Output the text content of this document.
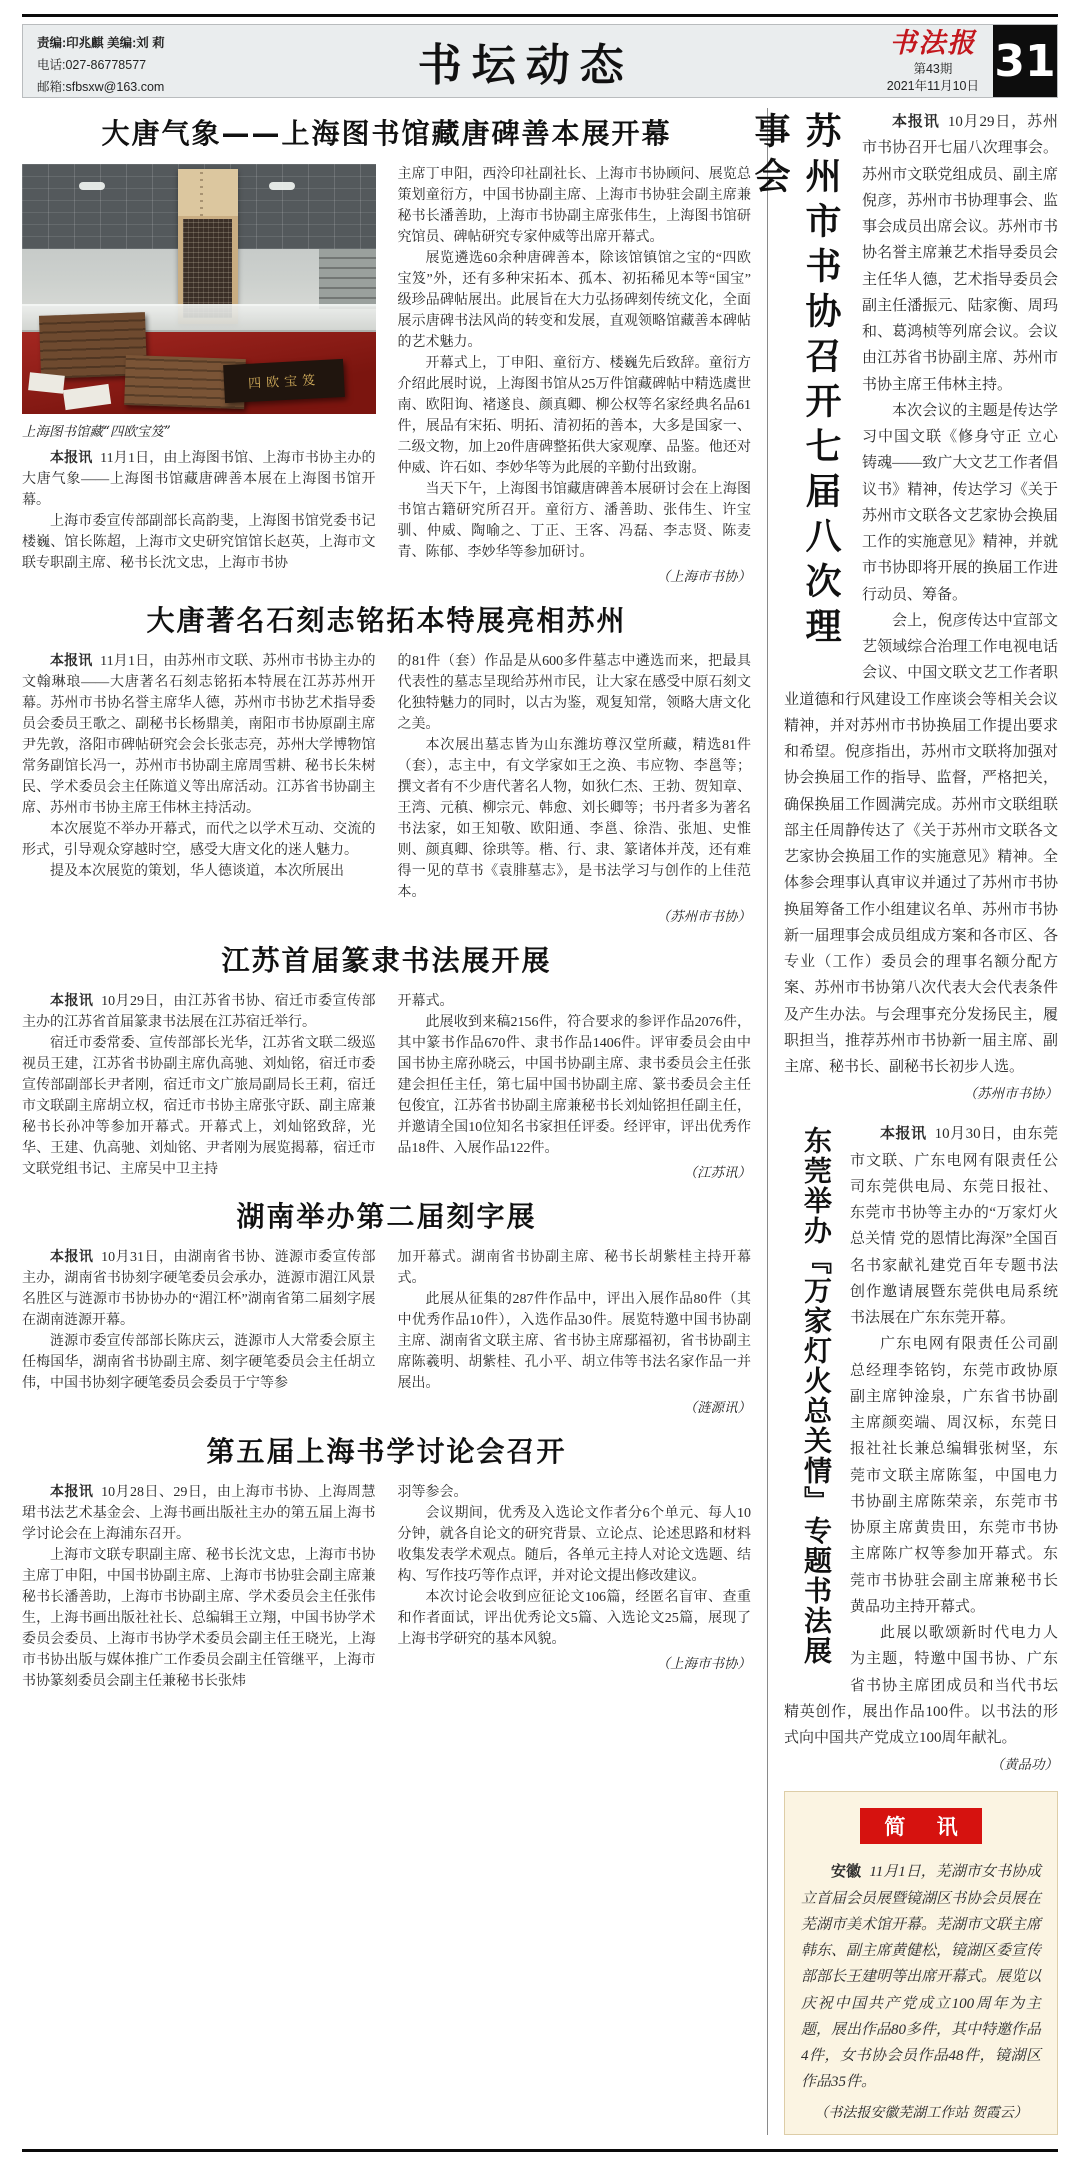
责编:印兆麒 美编:刘 莉
电话:027-86778577
邮箱:sfbsxw@163.com	书坛动态	书法报
第43期
2021年11月10日 31
大唐气象——上海图书馆藏唐碑善本展开幕
四欧宝笈
上海图书馆藏“四欧宝笈”

本报讯 11月1日，由上海图书馆、上海市书协主办的大唐气象——上海图书馆藏唐碑善本展在上海图书馆开幕。

上海市委宣传部副部长高韵斐，上海图书馆党委书记楼巍、馆长陈超，上海市文史研究馆馆长赵英，上海市文联专职副主席、秘书长沈文忠，上海市书协

主席丁申阳，西泠印社副社长、上海市书协顾问、展览总策划童衍方，中国书协副主席、上海市书协驻会副主席兼秘书长潘善助，上海市书协副主席张伟生，上海图书馆研究馆员、碑帖研究专家仲威等出席开幕式。

展览遴选60余种唐碑善本，除该馆镇馆之宝的“四欧宝笈”外，还有多种宋拓本、孤本、初拓稀见本等“国宝”级珍品碑帖展出。此展旨在大力弘扬碑刻传统文化，全面展示唐碑书法风尚的转变和发展，直观领略馆藏善本碑帖的艺术魅力。

开幕式上，丁申阳、童衍方、楼巍先后致辞。童衍方介绍此展时说，上海图书馆从25万件馆藏碑帖中精选虞世南、欧阳询、褚遂良、颜真卿、柳公权等名家经典名品61件，展品有宋拓、明拓、清初拓的善本，大多是国家一、二级文物，加上20件唐碑整拓供大家观摩、品鉴。他还对仲威、许石如、李妙华等为此展的辛勤付出致谢。

当天下午，上海图书馆藏唐碑善本展研讨会在上海图书馆古籍研究所召开。童衍方、潘善助、张伟生、许宝驯、仲威、陶喻之、丁正、王客、冯磊、李志贤、陈麦青、陈郁、李妙华等参加研讨。

（上海市书协）

大唐著名石刻志铭拓本特展亮相苏州

本报讯 11月1日，由苏州市文联、苏州市书协主办的文翰琳琅——大唐著名石刻志铭拓本特展在江苏苏州开幕。苏州市书协名誉主席华人德，苏州市书协艺术指导委员会委员王歌之、副秘书长杨鼎美，南阳市书协原副主席尹先敦，洛阳市碑帖研究会会长张志亮，苏州大学博物馆常务副馆长冯一，苏州市书协副主席周雪耕、秘书长朱树民、学术委员会主任陈道义等出席活动。江苏省书协副主席、苏州市书协主席王伟林主持活动。

本次展览不举办开幕式，而代之以学术互动、交流的形式，引导观众穿越时空，感受大唐文化的迷人魅力。

提及本次展览的策划，华人德谈道，本次所展出

的81件（套）作品是从600多件墓志中遴选而来，把最具代表性的墓志呈现给苏州市民，让大家在感受中原石刻文化独特魅力的同时，以古为鉴，观复知常，领略大唐文化之美。

本次展出墓志皆为山东潍坊尊汉堂所藏，精选81件（套），志主中，有文学家如王之涣、韦应物、李邕等；撰文者有不少唐代著名人物，如狄仁杰、王勃、贺知章、王湾、元稹、柳宗元、韩愈、刘长卿等；书丹者多为著名书法家，如王知敬、欧阳通、李邕、徐浩、张旭、史惟则、颜真卿、徐珙等。楷、行、隶、篆诸体并茂，还有难得一见的草书《袁腓墓志》，是书法学习与创作的上佳范本。

（苏州市书协）

江苏首届篆隶书法展开展

本报讯 10月29日，由江苏省书协、宿迁市委宣传部主办的江苏省首届篆隶书法展在江苏宿迁举行。

宿迁市委常委、宣传部部长光华，江苏省文联二级巡视员王建，江苏省书协副主席仇高驰、刘灿铭，宿迁市委宣传部副部长尹者刚，宿迁市文广旅局副局长王莉，宿迁市文联副主席胡立权，宿迁市书协主席张守跃、副主席兼秘书长孙冲等参加开幕式。开幕式上，刘灿铭致辞，光华、王建、仇高驰、刘灿铭、尹者刚为展览揭幕，宿迁市文联党组书记、主席吴中卫主持

开幕式。

此展收到来稿2156件，符合要求的参评作品2076件，其中篆书作品670件、隶书作品1406件。评审委员会由中国书协主席孙晓云，中国书协副主席、隶书委员会主任张建会担任主任，第七届中国书协副主席、篆书委员会主任包俊宜，江苏省书协副主席兼秘书长刘灿铭担任副主任，并邀请全国10位知名书家担任评委。经评审，评出优秀作品18件、入展作品122件。

（江苏讯）

湖南举办第二届刻字展

本报讯 10月31日，由湖南省书协、涟源市委宣传部主办，湖南省书协刻字硬笔委员会承办，涟源市湄江风景名胜区与涟源市书协协办的“湄江杯”湖南省第二届刻字展在湖南涟源开幕。

涟源市委宣传部部长陈庆云，涟源市人大常委会原主任梅国华，湖南省书协副主席、刻字硬笔委员会主任胡立伟，中国书协刻字硬笔委员会委员于宁等参

加开幕式。湖南省书协副主席、秘书长胡紫桂主持开幕式。

此展从征集的287件作品中，评出入展作品80件（其中优秀作品10件），入选作品30件。展览特邀中国书协副主席、湖南省文联主席、省书协主席鄢福初，省书协副主席陈羲明、胡紫桂、孔小平、胡立伟等书法名家作品一并展出。

（涟源讯）

第五届上海书学讨论会召开

本报讯 10月28日、29日，由上海市书协、上海周慧珺书法艺术基金会、上海书画出版社主办的第五届上海书学讨论会在上海浦东召开。

上海市文联专职副主席、秘书长沈文忠，上海市书协主席丁申阳，中国书协副主席、上海市书协驻会副主席兼秘书长潘善助，上海市书协副主席、学术委员会主任张伟生，上海书画出版社社长、总编辑王立翔，中国书协学术委员会委员、上海市书协学术委员会副主任王晓光，上海市书协出版与媒体推广工作委员会副主任管继平，上海市书协篆刻委员会副主任兼秘书长张炜

羽等参会。

会议期间，优秀及入选论文作者分6个单元、每人10分钟，就各自论文的研究背景、立论点、论述思路和材料收集发表学术观点。随后，各单元主持人对论文选题、结构、写作技巧等作点评，并对论文提出修改建议。

本次讨论会收到应征论文106篇，经匿名盲审、查重和作者面试，评出优秀论文5篇、入选论文25篇，展现了上海书学研究的基本风貌。

（上海市书协）

苏州市书协召开七届八次理事会	本报讯 10月29日，苏州市书协召开七届八次理事会。苏州市文联党组成员、副主席倪彦，苏州市书协理事会、监事会成员出席会议。苏州市书协名誉主席兼艺术指导委员会主任华人德，艺术指导委员会副主任潘振元、陆家衡、周玛和、葛鸿桢等列席会议。会议由江苏省书协副主席、苏州市书协主席王伟林主持。

本次会议的主题是传达学习中国文联《修身守正 立心铸魂——致广大文艺工作者倡议书》精神，传达学习《关于苏州市文联各文艺家协会换届工作的实施意见》精神，并就市书协即将开展的换届工作进行动员、筹备。

会上，倪彦传达中宣部文艺领域综合治理工作电视电话会议、中国文联文艺工作者职业道德和行风建设工作座谈会等相关会议精神，并对苏州市书协换届工作提出要求和希望。倪彦指出，苏州市文联将加强对协会换届工作的指导、监督，严格把关，确保换届工作圆满完成。苏州市文联组联部主任周静传达了《关于苏州市文联各文艺家协会换届工作的实施意见》精神。全体参会理事认真审议并通过了苏州市书协换届筹备工作小组建议名单、苏州市书协新一届理事会成员组成方案和各市区、各专业（工作）委员会的理事名额分配方案、苏州市书协第八次代表大会代表条件及产生办法。与会理事充分发扬民主，履职担当，推荐苏州市书协新一届主席、副主席、秘书长、副秘书长初步人选。

（苏州市书协）

东莞举办『万家灯火总关情』专题书法展	本报讯 10月30日，由东莞市文联、广东电网有限责任公司东莞供电局、东莞日报社、东莞市书协等主办的“万家灯火总关情 党的恩情比海深”全国百名书家献礼建党百年专题书法创作邀请展暨东莞供电局系统书法展在广东东莞开幕。

广东电网有限责任公司副总经理李铭钧，东莞市政协原副主席钟淦泉，广东省书协副主席颜奕端、周汉标，东莞日报社社长兼总编辑张树坚，东莞市文联主席陈玺，中国电力书协副主席陈荣亲，东莞市书协原主席黄贵田，东莞市书协主席陈广权等参加开幕式。东莞市书协驻会副主席兼秘书长黄品功主持开幕式。

此展以歌颂新时代电力人为主题，特邀中国书协、广东省书协主席团成员和当代书坛精英创作，展出作品100件。以书法的形式向中国共产党成立100周年献礼。

（黄品功）

简 讯

安徽 11月1日，芜湖市女书协成立首届会员展暨镜湖区书协会员展在芜湖市美术馆开幕。芜湖市文联主席韩东、副主席黄健松，镜湖区委宣传部部长王建明等出席开幕式。展览以庆祝中国共产党成立100周年为主题，展出作品80多件，其中特邀作品4件，女书协会员作品48件，镜湖区作品35件。

（书法报安徽芜湖工作站 贺霞云）
